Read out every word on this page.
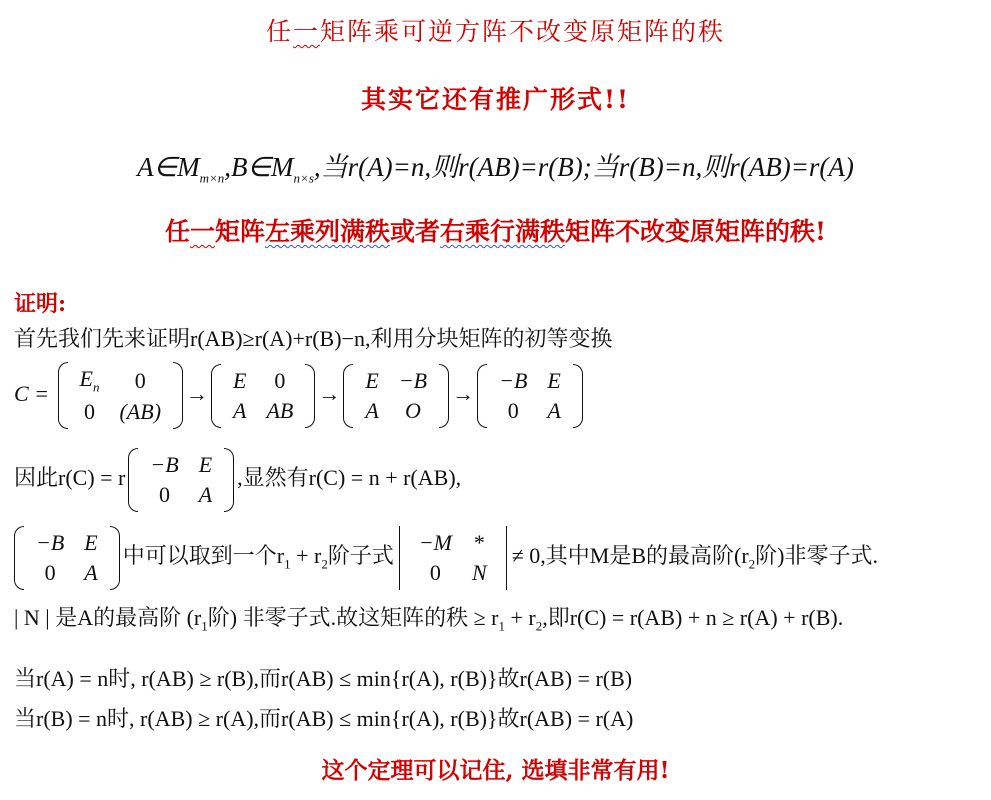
任一矩阵乘可逆方阵不改变原矩阵的秩
其实它还有推广形式!!
$A\in M_{m\times n},B\in M_{n\times s}$,当r(A)=n,则r(AB)=r(B);当r(B)=n,则r(AB)=r(A)
任一矩阵左乘列满秩或者右乘行满秩矩阵不改变原矩阵的秩!
证明:
首先我们先来证明r(AB)≥r(A)+r(B)−n,利用分块矩阵的初等变换
C =
$E_n$	0
0	(AB)
→
E	0
A	AB
→
E	−B
A	O
→
−B	E
0	A
因此r(C) = r
−B	E
0	A
,显然有r(C) = n + r(AB),
−B	E
0	A
中可以取到一个$r_1 + r_2$阶子式
−M	*
0	N
≠ 0,其中M是B的最高阶($r_2$阶)非零子式.
| N | 是A的最高阶 ($r_1$阶) 非零子式.故这矩阵的秩 ≥ $r_1 + r_2$,即r(C) = r(AB) + n ≥ r(A) + r(B).
当r(A) = n时, r(AB) ≥ r(B),而r(AB) ≤ min{r(A), r(B)}故r(AB) = r(B)
当r(B) = n时, r(AB) ≥ r(A),而r(AB) ≤ min{r(A), r(B)}故r(AB) = r(A)
这个定理可以记住, 选填非常有用!
